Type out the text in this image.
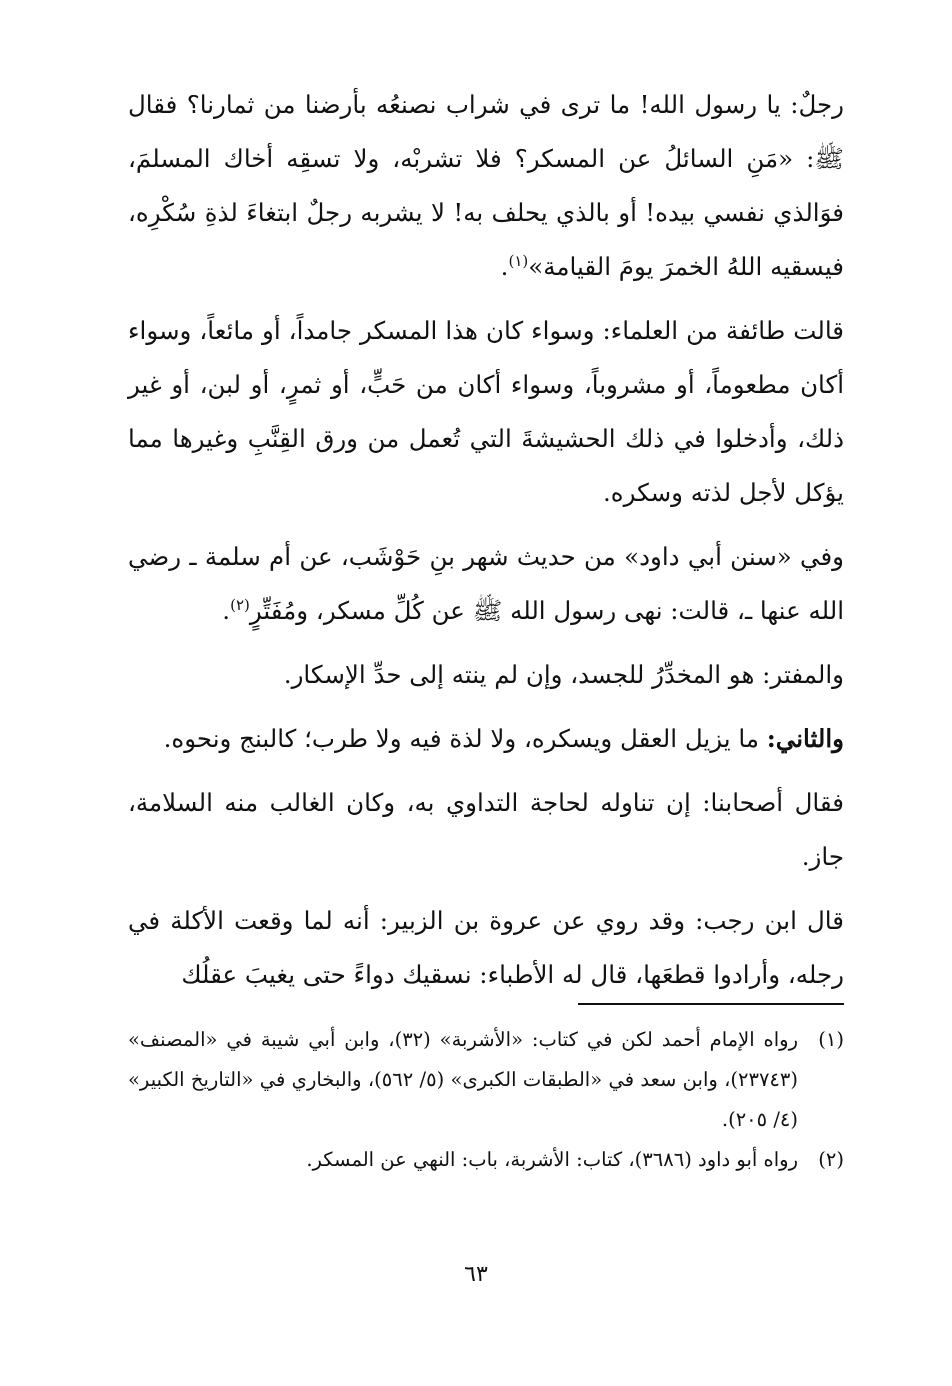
رجلٌ: يا رسول الله! ما ترى في شراب نصنعُه بأرضنا من ثمارنا؟ فقال ﷺ: «مَنِ السائلُ عن المسكر؟ فلا تشربْه، ولا تسقِه أخاك المسلمَ، فوَالذي نفسي بيده! أو بالذي يحلف به! لا يشربه رجلٌ ابتغاءَ لذةِ سُكْرِه، فيسقيه اللهُ الخمرَ يومَ القيامة»$^{(١)}$.

قالت طائفة من العلماء: وسواء كان هذا المسكر جامداً، أو مائعاً، وسواء أكان مطعوماً، أو مشروباً، وسواء أكان من حَبٍّ، أو ثمرٍ، أو لبن، أو غير ذلك، وأدخلوا في ذلك الحشيشةَ التي تُعمل من ورق القِنَّبِ وغيرها مما يؤكل لأجل لذته وسكره.

وفي «سنن أبي داود» من حديث شهر بنِ حَوْشَب، عن أم سلمة ـ رضي الله عنها ـ، قالت: نهى رسول الله ﷺ عن كُلِّ مسكر، ومُفَتِّرٍ$^{(٢)}$.

والمفتر: هو المخدِّرُ للجسد، وإن لم ينته إلى حدِّ الإسكار.

والثاني: ما يزيل العقل ويسكره، ولا لذة فيه ولا طرب؛ كالبنج ونحوه.

فقال أصحابنا: إن تناوله لحاجة التداوي به، وكان الغالب منه السلامة، جاز.

قال ابن رجب: وقد روي عن عروة بن الزبير: أنه لما وقعت الأكلة في رجله، وأرادوا قطعَها، قال له الأطباء: نسقيك دواءً حتى يغيبَ عقلُك

(١)
رواه الإمام أحمد لكن في كتاب: «الأشربة» (٣٢)، وابن أبي شيبة في «المصنف» (٢٣٧٤٣)، وابن سعد في «الطبقات الكبرى» (٥/ ٥٦٢)، والبخاري في «التاريخ الكبير» (٤/ ٢٠٥).
(٢)
رواه أبو داود (٣٦٨٦)، كتاب: الأشربة، باب: النهي عن المسكر.
٦٣
